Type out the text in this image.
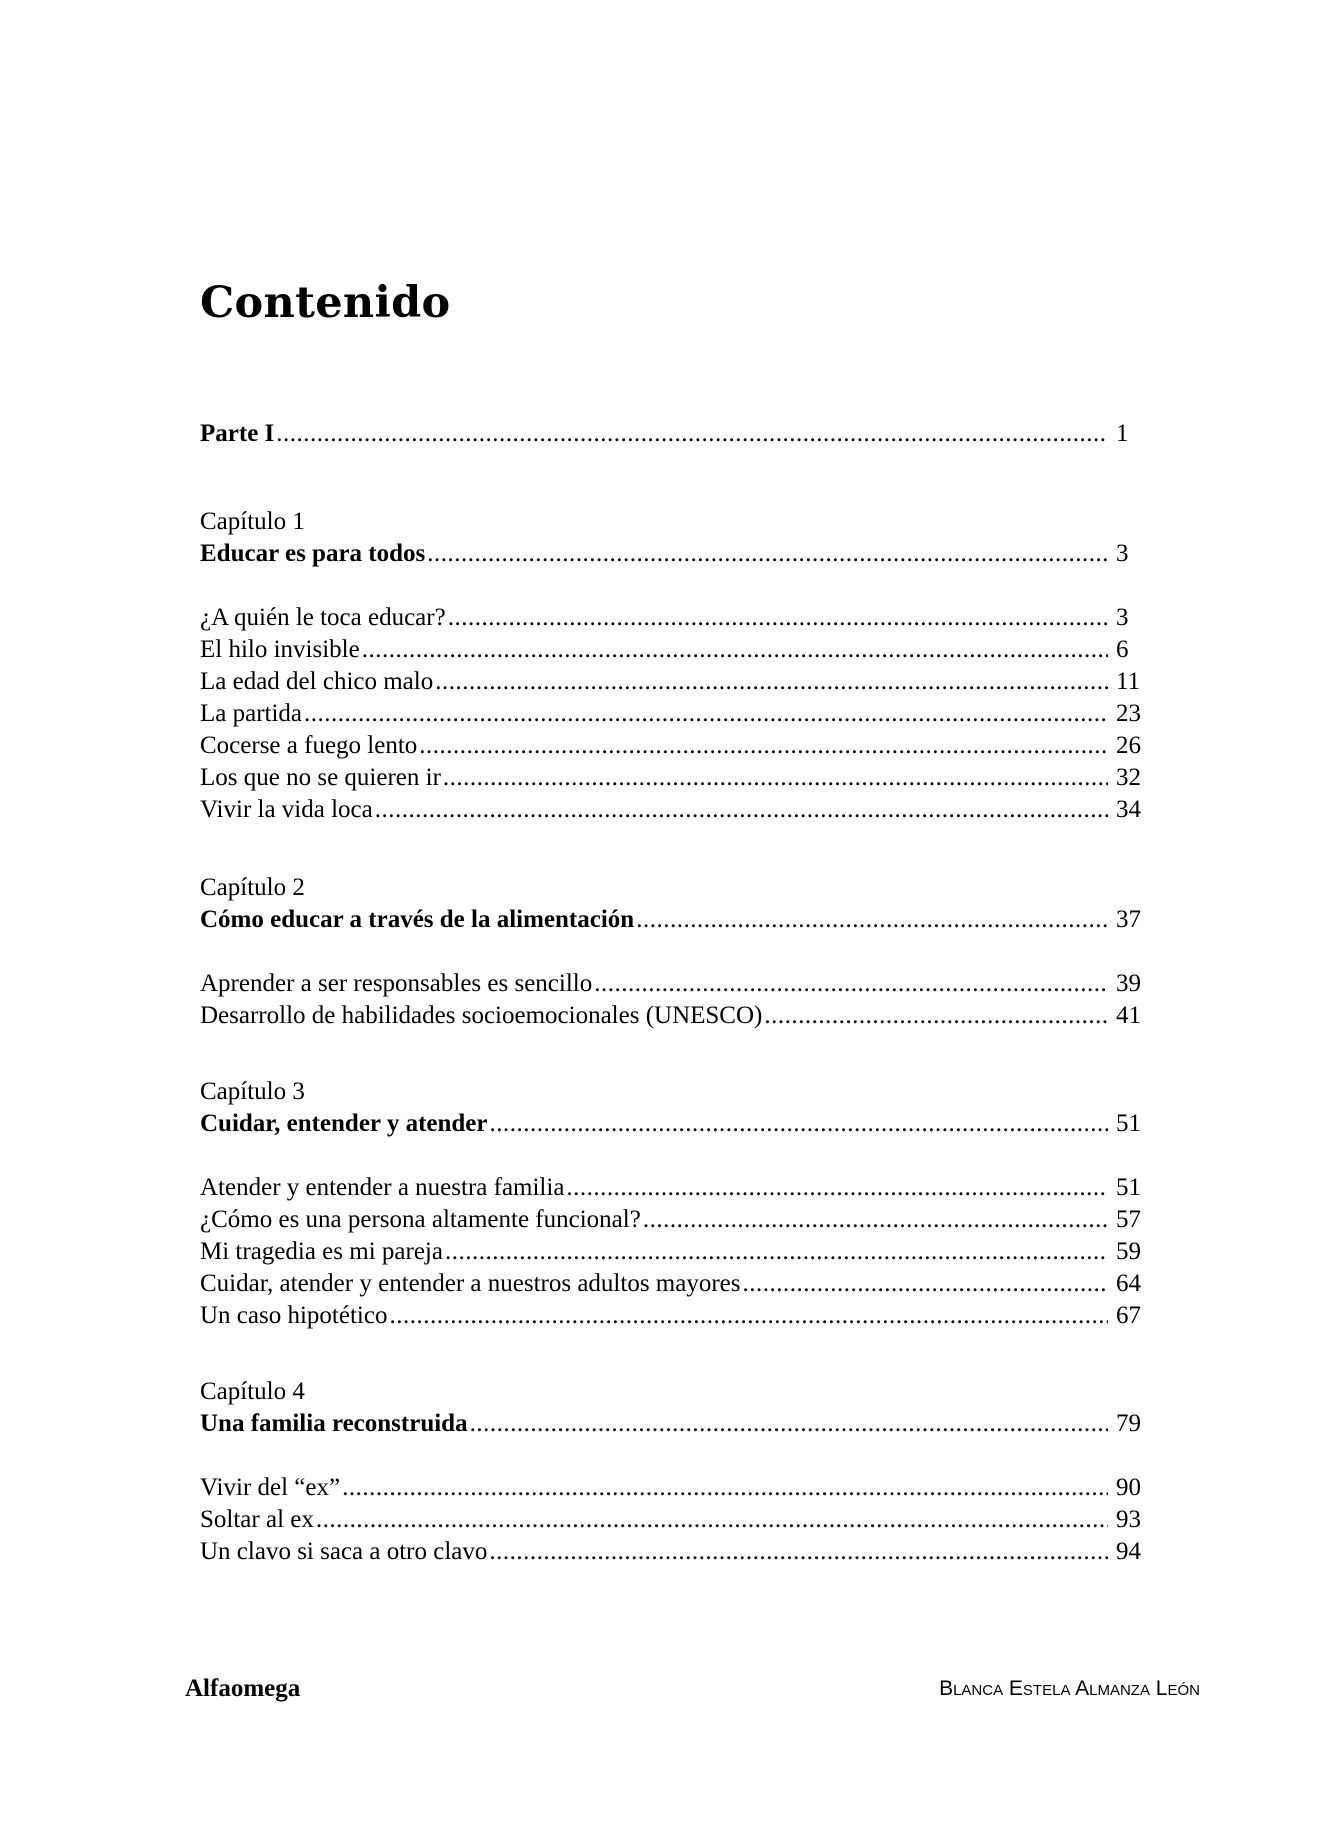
Contenido
Parte I .....	1
Capítulo 1
Educar es para todos .....	3
¿A quién le toca educar? .....	3
El hilo invisible .....	6
La edad del chico malo .....	11
La partida .....	23
Cocerse a fuego lento .....	26
Los que no se quieren ir .....	32
Vivir la vida loca .....	34
Capítulo 2
Cómo educar a través de la alimentación .....	37
Aprender a ser responsables es sencillo .....	39
Desarrollo de habilidades socioemocionales (UNESCO) .....	41
Capítulo 3
Cuidar, entender y atender .....	51
Atender y entender a nuestra familia .....	51
¿Cómo es una persona altamente funcional? .....	57
Mi tragedia es mi pareja .....	59
Cuidar, atender y entender a nuestros adultos mayores .....	64
Un caso hipotético .....	67
Capítulo 4
Una familia reconstruida .....	79
Vivir del “ex” .....	90
Soltar al ex .....	93
Un clavo si saca a otro clavo .....	94
Alfaomega	Blanca Estela Almanza León
